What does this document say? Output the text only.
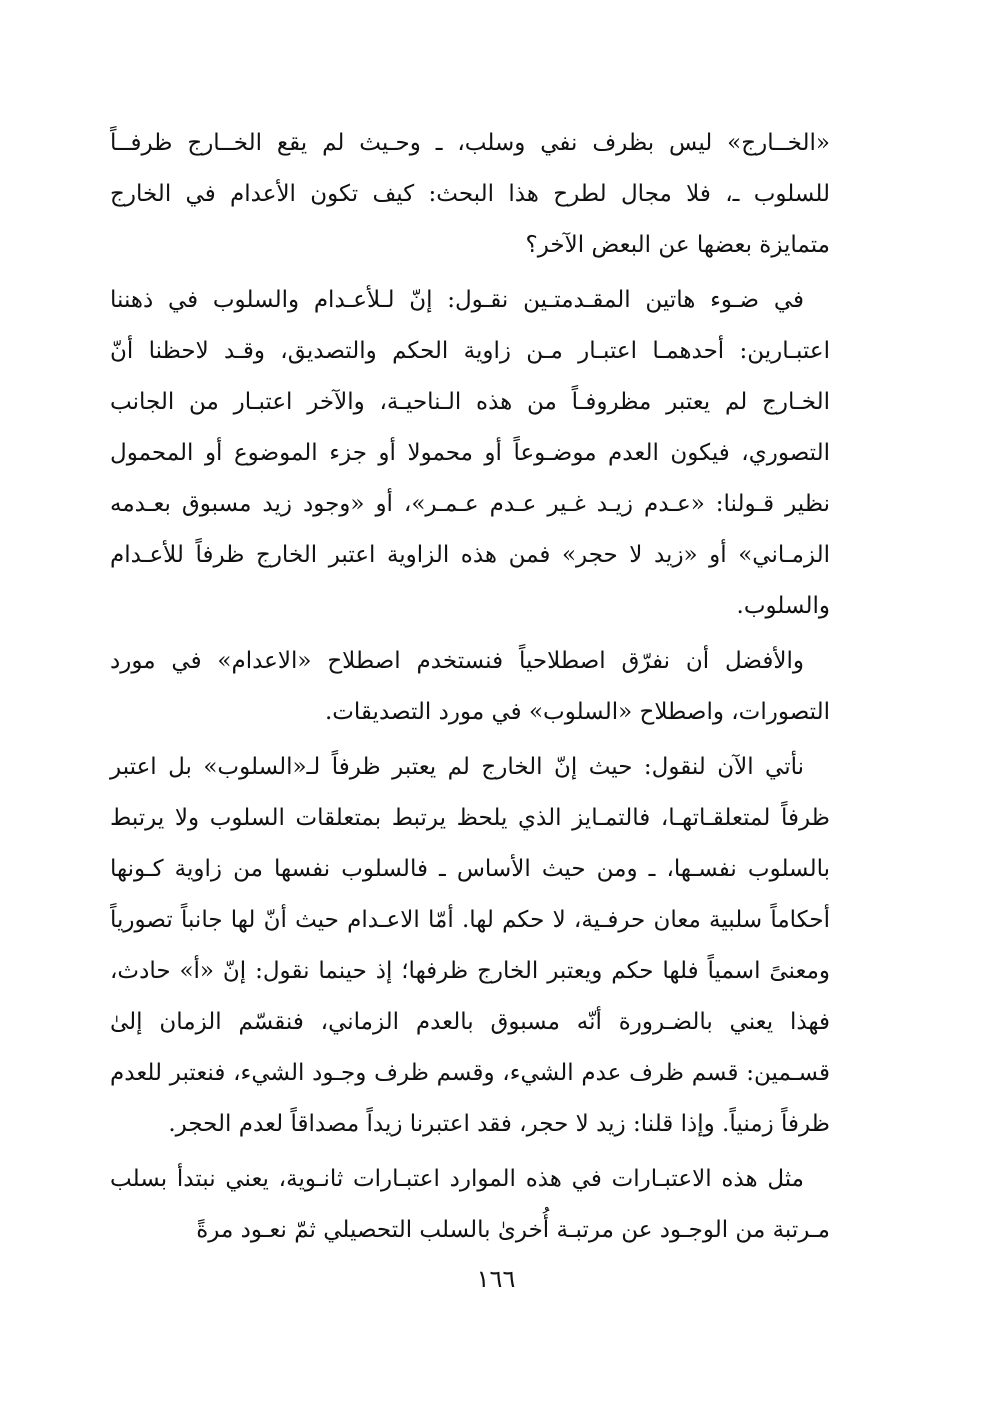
«الخــارج» ليس بظرف نفي وسلب، ـ وحـيث لم يقع الخــارج ظرفــاً للسلوب ـ، فلا مجال لطرح هذا البحث: كيف تكون الأعدام في الخارج متمايزة بعضها عن البعض الآخر؟

في ضـوء هاتين المقـدمتـين نقـول: إنّ لـلأعـدام والسلوب في ذهننا اعتبـارين: أحدهمـا اعتبـار مـن زاوية الحكم والتصديق، وقـد لاحظنا أنّ الخـارج لم يعتبر مظروفـاً من هذه الـناحيـة، والآخر اعتبـار من الجانب التصوري، فيكون العدم موضـوعاً أو محمولا أو جزء الموضوع أو المحمول نظير قـولنا: «عـدم زيـد غـير عـدم عـمـر»، أو «وجود زيد مسبوق بعـدمه الزمـاني» أو «زيد لا حجر» فمن هذه الزاوية اعتبر الخارج ظرفاً للأعـدام والسلوب.

والأفضل أن نفرّق اصطلاحياً فنستخدم اصطلاح «الاعدام» في مورد التصورات، واصطلاح «السلوب» في مورد التصديقات.

نأتي الآن لنقول: حيث إنّ الخارج لم يعتبر ظرفاً لـ«السلوب» بل اعتبر ظرفاً لمتعلقـاتهـا، فالتمـايز الذي يلحظ يرتبط بمتعلقات السلوب ولا يرتبط بالسلوب نفسـها، ـ ومن حيث الأساس ـ فالسلوب نفسها من زاوية كـونها أحكاماً سلبية معان حرفـية، لا حكم لها. أمّا الاعـدام حيث أنّ لها جانباً تصورياً ومعنىً اسمياً فلها حكم ويعتبر الخارج ظرفها؛ إذ حينما نقول: إنّ «أ» حادث، فهذا يعني بالضـرورة أنّه مسبوق بالعدم الزماني، فنقسّم الزمان إلىٰ قسـمين: قسم ظرف عدم الشيء، وقسم ظرف وجـود الشيء، فنعتبر للعدم ظرفاً زمنياً. وإذا قلنا: زيد لا حجر، فقد اعتبرنا زيداً مصداقاً لعدم الحجر.

مثل هذه الاعتبـارات في هذه الموارد اعتبـارات ثانـوية، يعني نبتدأ بسلب مـرتبة من الوجـود عن مرتبـة أُخرىٰ بالسلب التحصيلي ثمّ نعـود مرةً

١٦٦
